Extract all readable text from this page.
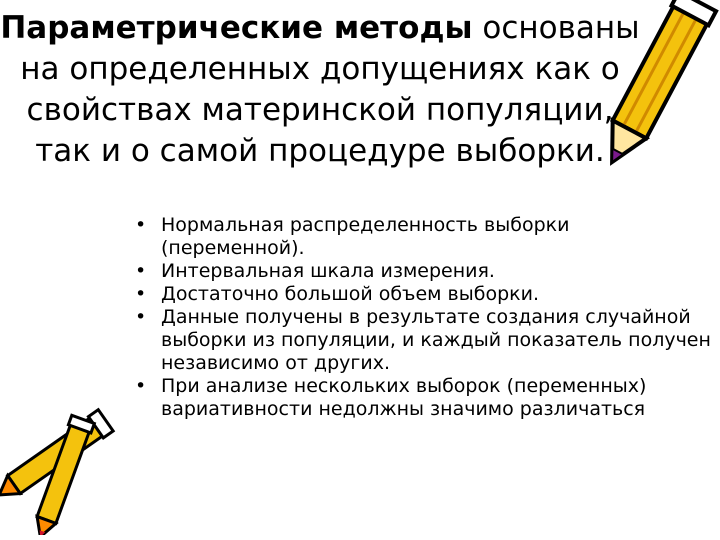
Параметрические методы основаны на определенных допущениях как о свойствах материнской популяции, так и о самой процедуре выборки.
• Нормальная распределенность выборки (переменной).
• Интервальная шкала измерения.
• Достаточно большой объем выборки.
• Данные получены в результате создания случайной выборки из популяции, и каждый показатель получен независимо от других.
• При анализе нескольких выборок (переменных) вариативности недолжны значимо различаться
